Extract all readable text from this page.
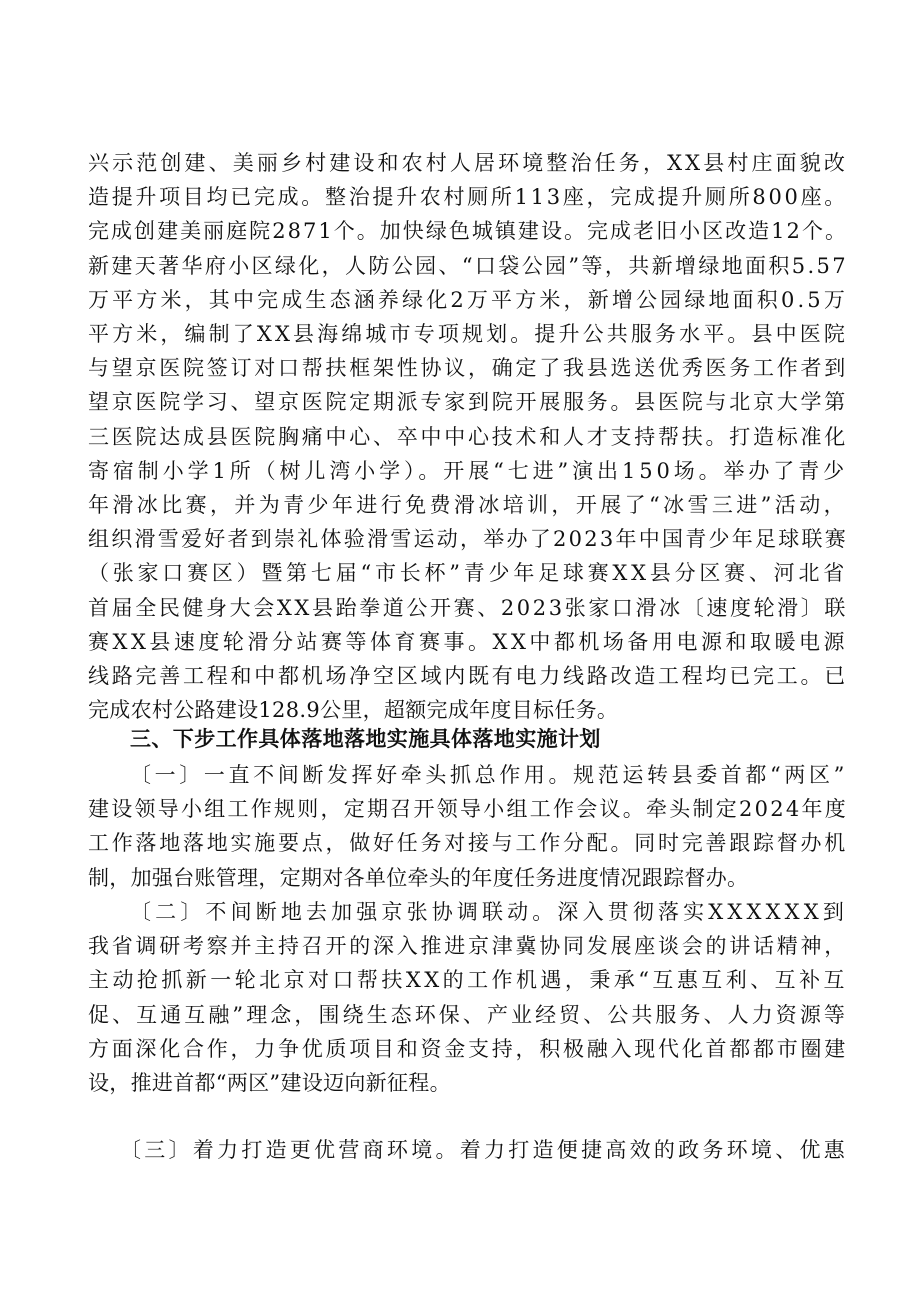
兴示范创建、美丽乡村建设和农村人居环境整治任务，XX县村庄面貌改
造提升项目均已完成。整治提升农村厕所113座，完成提升厕所800座。
完成创建美丽庭院2871个。加快绿色城镇建设。完成老旧小区改造12个。
新建天著华府小区绿化，人防公园、“口袋公园”等，共新增绿地面积5.57
万平方米，其中完成生态涵养绿化2万平方米，新增公园绿地面积0.5万
平方米，编制了XX县海绵城市专项规划。提升公共服务水平。县中医院
与望京医院签订对口帮扶框架性协议，确定了我县选送优秀医务工作者到
望京医院学习、望京医院定期派专家到院开展服务。县医院与北京大学第
三医院达成县医院胸痛中心、卒中中心技术和人才支持帮扶。打造标准化
寄宿制小学1所（树儿湾小学）。开展“七进”演出150场。举办了青少
年滑冰比赛，并为青少年进行免费滑冰培训，开展了“冰雪三进”活动，
组织滑雪爱好者到崇礼体验滑雪运动，举办了2023年中国青少年足球联赛
（张家口赛区）暨第七届“市长杯”青少年足球赛XX县分区赛、河北省
首届全民健身大会XX县跆拳道公开赛、2023张家口滑冰〔速度轮滑〕联
赛XX县速度轮滑分站赛等体育赛事。XX中都机场备用电源和取暖电源
线路完善工程和中都机场净空区域内既有电力线路改造工程均已完工。已
完成农村公路建设128.9公里，超额完成年度目标任务。
三、下步工作具体落地落地实施具体落地实施计划
〔一〕一直不间断发挥好牵头抓总作用。规范运转县委首都“两区”
建设领导小组工作规则，定期召开领导小组工作会议。牵头制定2024年度
工作落地落地实施要点，做好任务对接与工作分配。同时完善跟踪督办机
制，加强台账管理，定期对各单位牵头的年度任务进度情况跟踪督办。
〔二〕不间断地去加强京张协调联动。深入贯彻落实XXXXXX到
我省调研考察并主持召开的深入推进京津冀协同发展座谈会的讲话精神，
主动抢抓新一轮北京对口帮扶XX的工作机遇，秉承“互惠互利、互补互
促、互通互融”理念，围绕生态环保、产业经贸、公共服务、人力资源等
方面深化合作，力争优质项目和资金支持，积极融入现代化首都都市圈建
设，推进首都“两区”建设迈向新征程。
〔三〕着力打造更优营商环境。着力打造便捷高效的政务环境、优惠
